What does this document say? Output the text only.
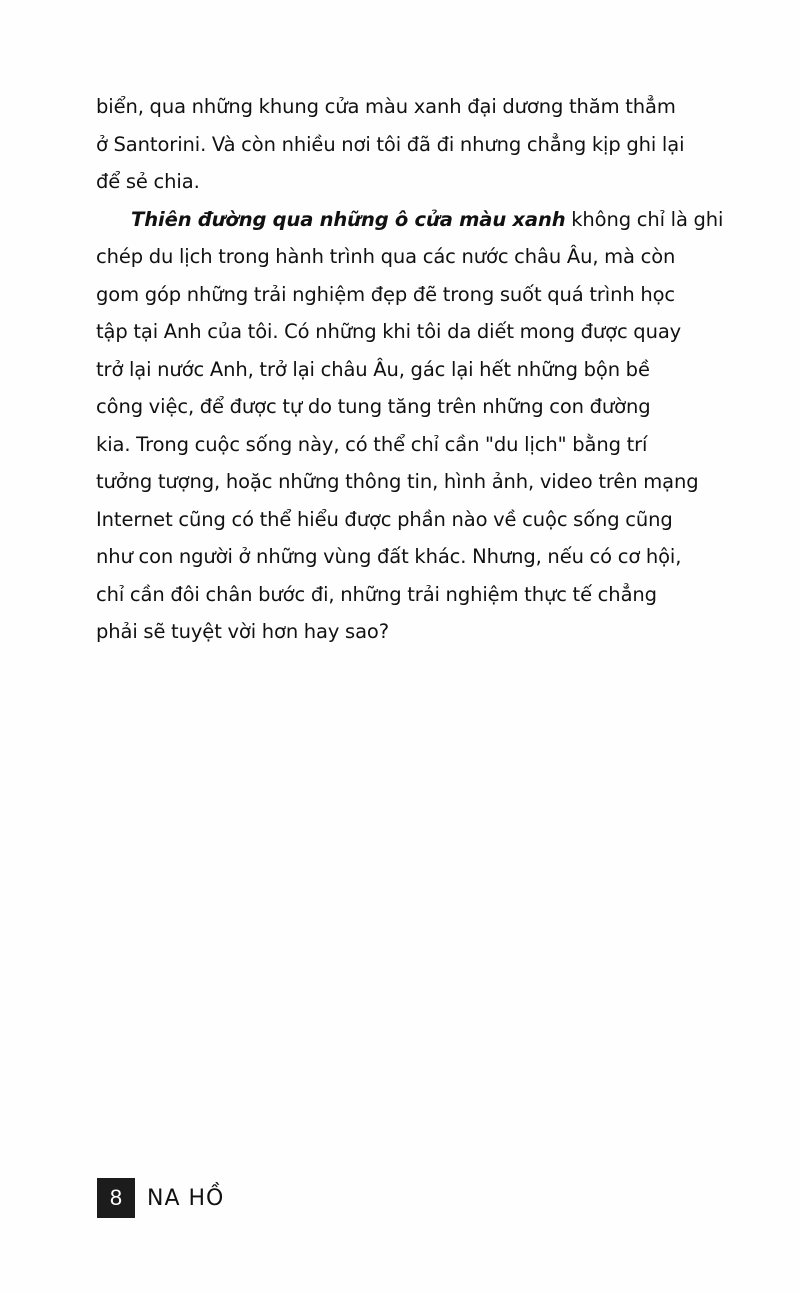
biển, qua những khung cửa màu xanh đại dương thăm thẳm
ở Santorini. Và còn nhiều nơi tôi đã đi nhưng chẳng kịp ghi lại
để sẻ chia.
Thiên đường qua những ô cửa màu xanh không chỉ là ghi
chép du lịch trong hành trình qua các nước châu Âu, mà còn
gom góp những trải nghiệm đẹp đẽ trong suốt quá trình học
tập tại Anh của tôi. Có những khi tôi da diết mong được quay
trở lại nước Anh, trở lại châu Âu, gác lại hết những bộn bề
công việc, để được tự do tung tăng trên những con đường
kia. Trong cuộc sống này, có thể chỉ cần "du lịch" bằng trí
tưởng tượng, hoặc những thông tin, hình ảnh, video trên mạng
Internet cũng có thể hiểu được phần nào về cuộc sống cũng
như con người ở những vùng đất khác. Nhưng, nếu có cơ hội,
chỉ cần đôi chân bước đi, những trải nghiệm thực tế chẳng
phải sẽ tuyệt vời hơn hay sao?
8	NA HỒ
